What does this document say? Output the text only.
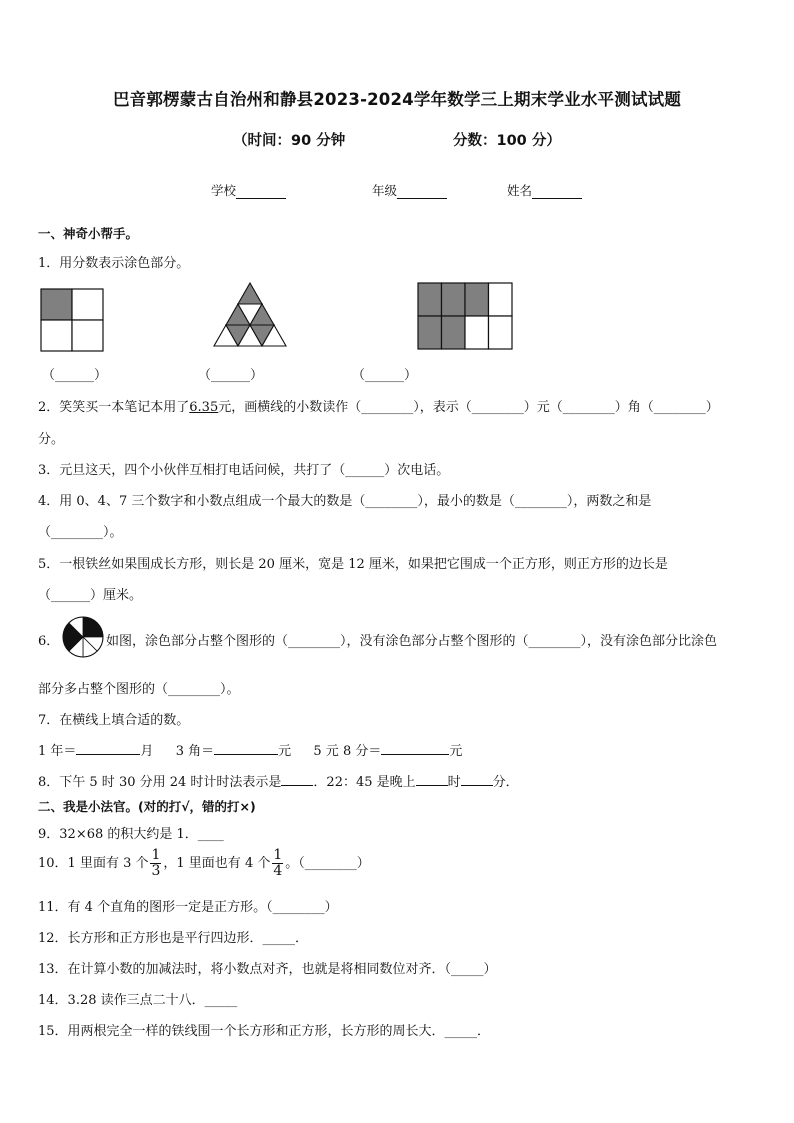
巴音郭楞蒙古自治州和静县2023-2024学年数学三上期末学业水平测试试题
（时间：90 分钟	分数：100 分）
学校	年级	姓名
一、神奇小帮手。
1．用分数表示涂色部分。
（______）	（______）	（______）
2．笑笑买一本笔记本用了6.35元，画横线的小数读作（________），表示（________）元（________）角（________）
分。
3．元旦这天，四个小伙伴互相打电话问候，共打了（______）次电话。
4．用 0、4、7 三个数字和小数点组成一个最大的数是（________），最小的数是（________），两数之和是
（________）。
5．一根铁丝如果围成长方形，则长是 20 厘米，宽是 12 厘米，如果把它围成一个正方形，则正方形的边长是
（______）厘米。
6．	如图，涂色部分占整个图形的（________），没有涂色部分占整个图形的（________），没有涂色部分比涂色
部分多占整个图形的（________）。
7．在横线上填合适的数。
1 年＝	月 3 角＝	元 5 元 8 分＝	元
8．下午 5 时 30 分用 24 时计时法表示是 ．22：45 是晚上 时 分．
二、我是小法官。(对的打√，错的打×)
9．32×68 的积大约是 1．____
10．1 里面有 3 个 $\frac{1}{3}$ ，1 里面也有 4 个 $\frac{1}{4}$ 。（________）
11．有 4 个直角的图形一定是正方形。（________）
12．长方形和正方形也是平行四边形．_____．
13．在计算小数的加减法时，将小数点对齐，也就是将相同数位对齐．（_____）
14．3.28 读作三点二十八．_____
15．用两根完全一样的铁线围一个长方形和正方形，长方形的周长大．_____．
